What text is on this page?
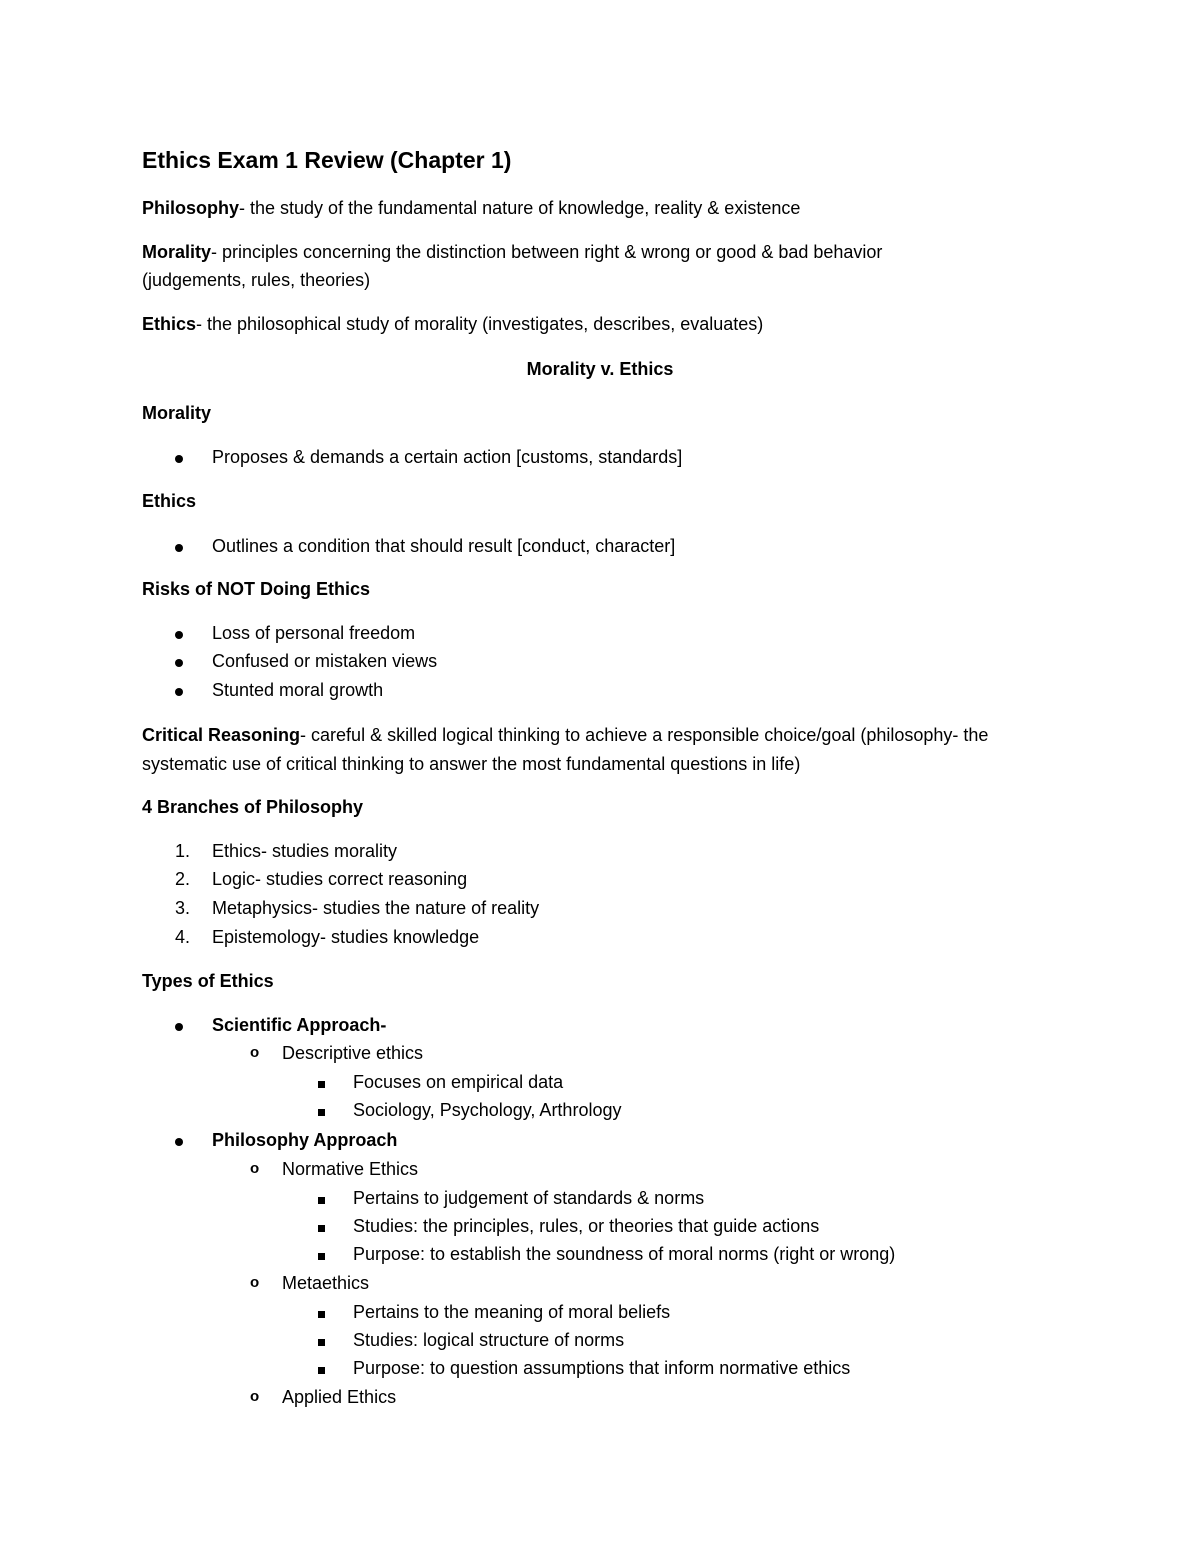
Ethics Exam 1 Review (Chapter 1)
Philosophy- the study of the fundamental nature of knowledge, reality & existence
Morality- principles concerning the distinction between right & wrong or good & bad behavior
(judgements, rules, theories)
Ethics- the philosophical study of morality (investigates, describes, evaluates)
Morality v. Ethics
Morality
Proposes & demands a certain action [customs, standards]
Ethics
Outlines a condition that should result [conduct, character]
Risks of NOT Doing Ethics
Loss of personal freedom
Confused or mistaken views
Stunted moral growth
Critical Reasoning- careful & skilled logical thinking to achieve a responsible choice/goal (philosophy- the
systematic use of critical thinking to answer the most fundamental questions in life)
4 Branches of Philosophy
1. Ethics- studies morality
2. Logic- studies correct reasoning
3. Metaphysics- studies the nature of reality
4. Epistemology- studies knowledge
Types of Ethics
Scientific Approach-
o Descriptive ethics
Focuses on empirical data
Sociology, Psychology, Arthrology
Philosophy Approach
o Normative Ethics
Pertains to judgement of standards & norms
Studies: the principles, rules, or theories that guide actions
Purpose: to establish the soundness of moral norms (right or wrong)
o Metaethics
Pertains to the meaning of moral beliefs
Studies: logical structure of norms
Purpose: to question assumptions that inform normative ethics
o Applied Ethics
